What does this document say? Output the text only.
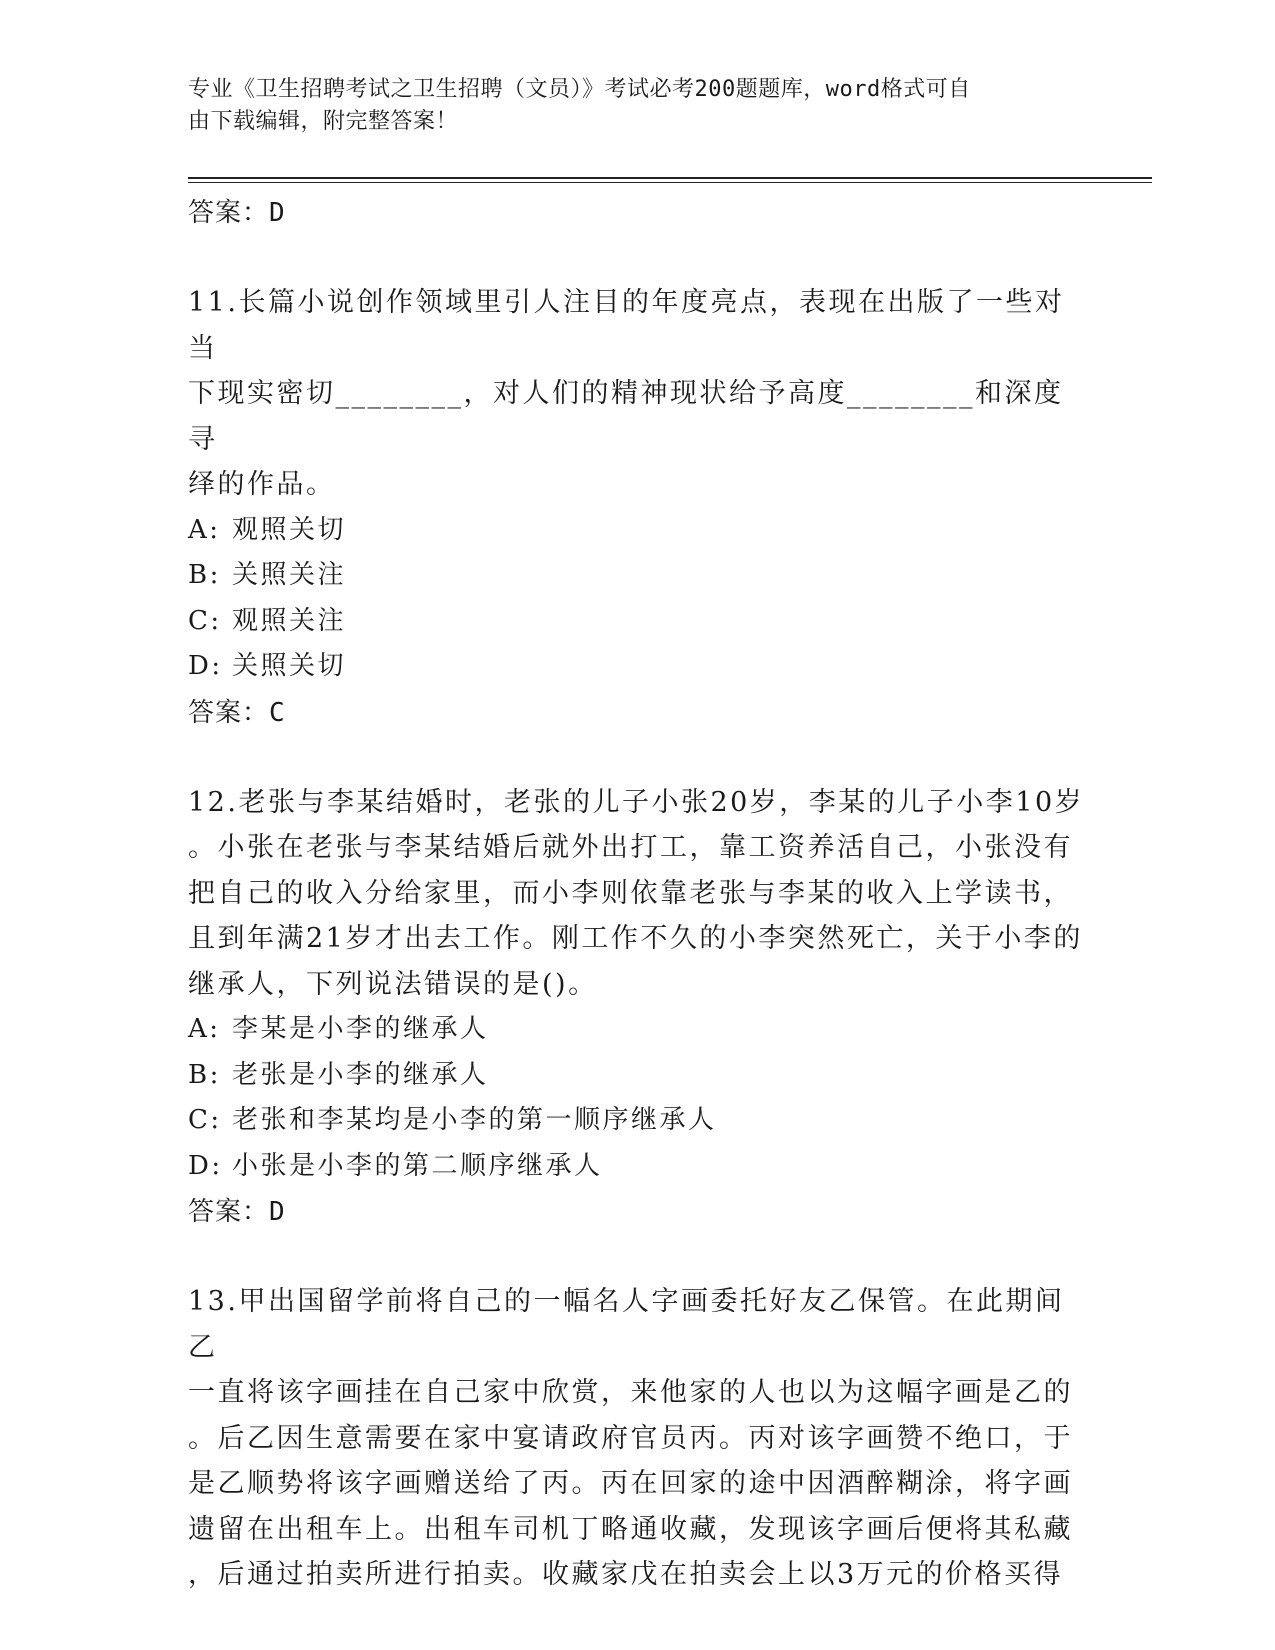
专业《卫生招聘考试之卫生招聘（文员）》考试必考200题题库，word格式可自
由下载编辑，附完整答案！
答案：D
11.长篇小说创作领域里引人注目的年度亮点，表现在出版了一些对当
下现实密切________，对人们的精神现状给予高度________和深度寻
绎的作品。
A: 观照关切
B: 关照关注
C: 观照关注
D: 关照关切
答案：C
12.老张与李某结婚时，老张的儿子小张20岁，李某的儿子小李10岁
。小张在老张与李某结婚后就外出打工，靠工资养活自己，小张没有
把自己的收入分给家里，而小李则依靠老张与李某的收入上学读书，
且到年满21岁才出去工作。刚工作不久的小李突然死亡，关于小李的
继承人，下列说法错误的是()。
A: 李某是小李的继承人
B: 老张是小李的继承人
C: 老张和李某均是小李的第一顺序继承人
D: 小张是小李的第二顺序继承人
答案：D
13.甲出国留学前将自己的一幅名人字画委托好友乙保管。在此期间乙
一直将该字画挂在自己家中欣赏，来他家的人也以为这幅字画是乙的
。后乙因生意需要在家中宴请政府官员丙。丙对该字画赞不绝口，于
是乙顺势将该字画赠送给了丙。丙在回家的途中因酒醉糊涂，将字画
遗留在出租车上。出租车司机丁略通收藏，发现该字画后便将其私藏
，后通过拍卖所进行拍卖。收藏家戊在拍卖会上以3万元的价格买得
